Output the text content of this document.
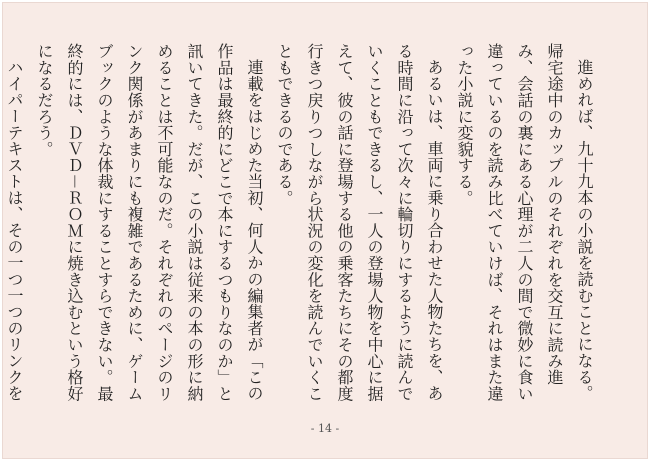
進めれば、九十九本の小説を読むことになる。帰宅途中のカップルのそれぞれを交互に読み進み、会話の裏にある心理が二人の間で微妙に食い違っているのを読み比べていけば、それはまた違った小説に変貌する。

あるいは、車両に乗り合わせた人物たちを、ある時間に沿って次々に輪切りにするように読んでいくこともできるし、一人の登場人物を中心に据えて、彼の話に登場する他の乗客たちにその都度行きつ戻りつしながら状況の変化を読んでいくこともできるのである。

連載をはじめた当初、何人かの編集者が「この作品は最終的にどこで本にするつもりなのか」と訊いてきた。だが、この小説は従来の本の形に納めることは不可能なのだ。それぞれのページのリンク関係があまりにも複雑であるために、ゲームブックのような体裁にすることすらできない。最終的には、ＤＶＤ－ＲＯＭに焼き込むという格好になるだろう。

ハイパーテキストは、その一つ一つのリンクを

- 14 -
